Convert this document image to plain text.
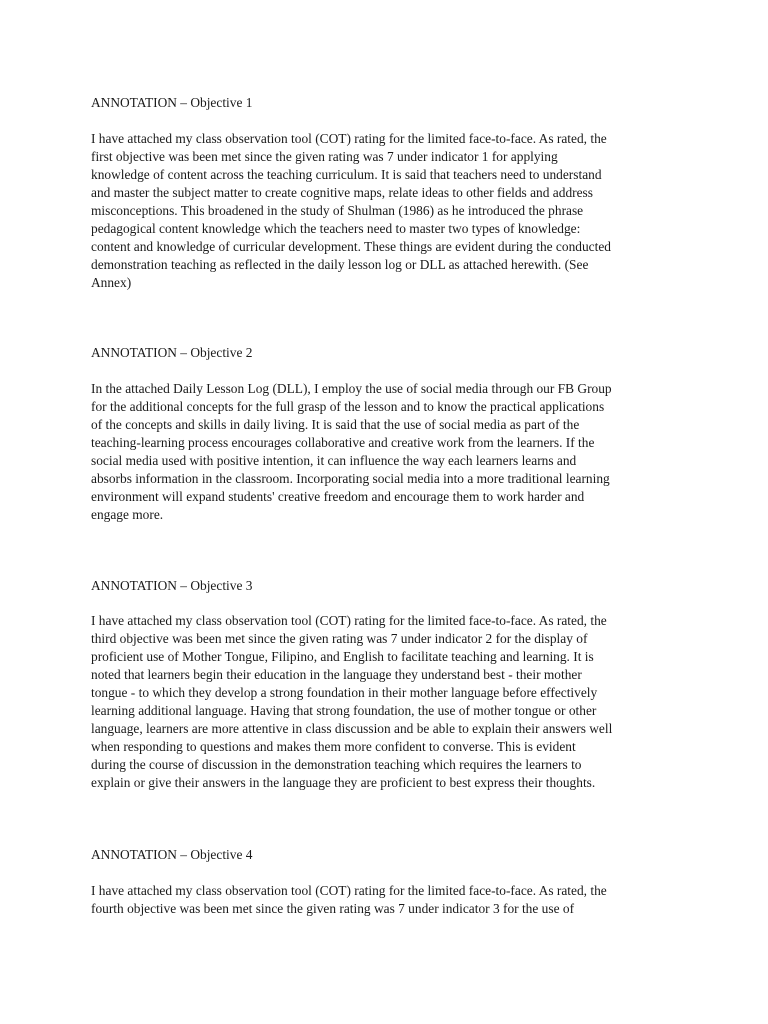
ANNOTATION – Objective 1
I have attached my class observation tool (COT) rating for the limited face-to-face. As rated, the
first objective was been met since the given rating was 7 under indicator 1 for applying
knowledge of content across the teaching curriculum. It is said that teachers need to understand
and master the subject matter to create cognitive maps, relate ideas to other fields and address
misconceptions. This broadened in the study of Shulman (1986) as he introduced the phrase
pedagogical content knowledge which the teachers need to master two types of knowledge:
content and knowledge of curricular development. These things are evident during the conducted
demonstration teaching as reflected in the daily lesson log or DLL as attached herewith. (See
Annex)
ANNOTATION – Objective 2
In the attached Daily Lesson Log (DLL), I employ the use of social media through our FB Group
for the additional concepts for the full grasp of the lesson and to know the practical applications
of the concepts and skills in daily living. It is said that the use of social media as part of the
teaching-learning process encourages collaborative and creative work from the learners. If the
social media used with positive intention, it can influence the way each learners learns and
absorbs information in the classroom. Incorporating social media into a more traditional learning
environment will expand students' creative freedom and encourage them to work harder and
engage more.
ANNOTATION – Objective 3
I have attached my class observation tool (COT) rating for the limited face-to-face. As rated, the
third objective was been met since the given rating was 7 under indicator 2 for the display of
proficient use of Mother Tongue, Filipino, and English to facilitate teaching and learning. It is
noted that learners begin their education in the language they understand best - their mother
tongue - to which they develop a strong foundation in their mother language before effectively
learning additional language. Having that strong foundation, the use of mother tongue or other
language, learners are more attentive in class discussion and be able to explain their answers well
when responding to questions and makes them more confident to converse. This is evident
during the course of discussion in the demonstration teaching which requires the learners to
explain or give their answers in the language they are proficient to best express their thoughts.
ANNOTATION – Objective 4
I have attached my class observation tool (COT) rating for the limited face-to-face. As rated, the
fourth objective was been met since the given rating was 7 under indicator 3 for the use of
